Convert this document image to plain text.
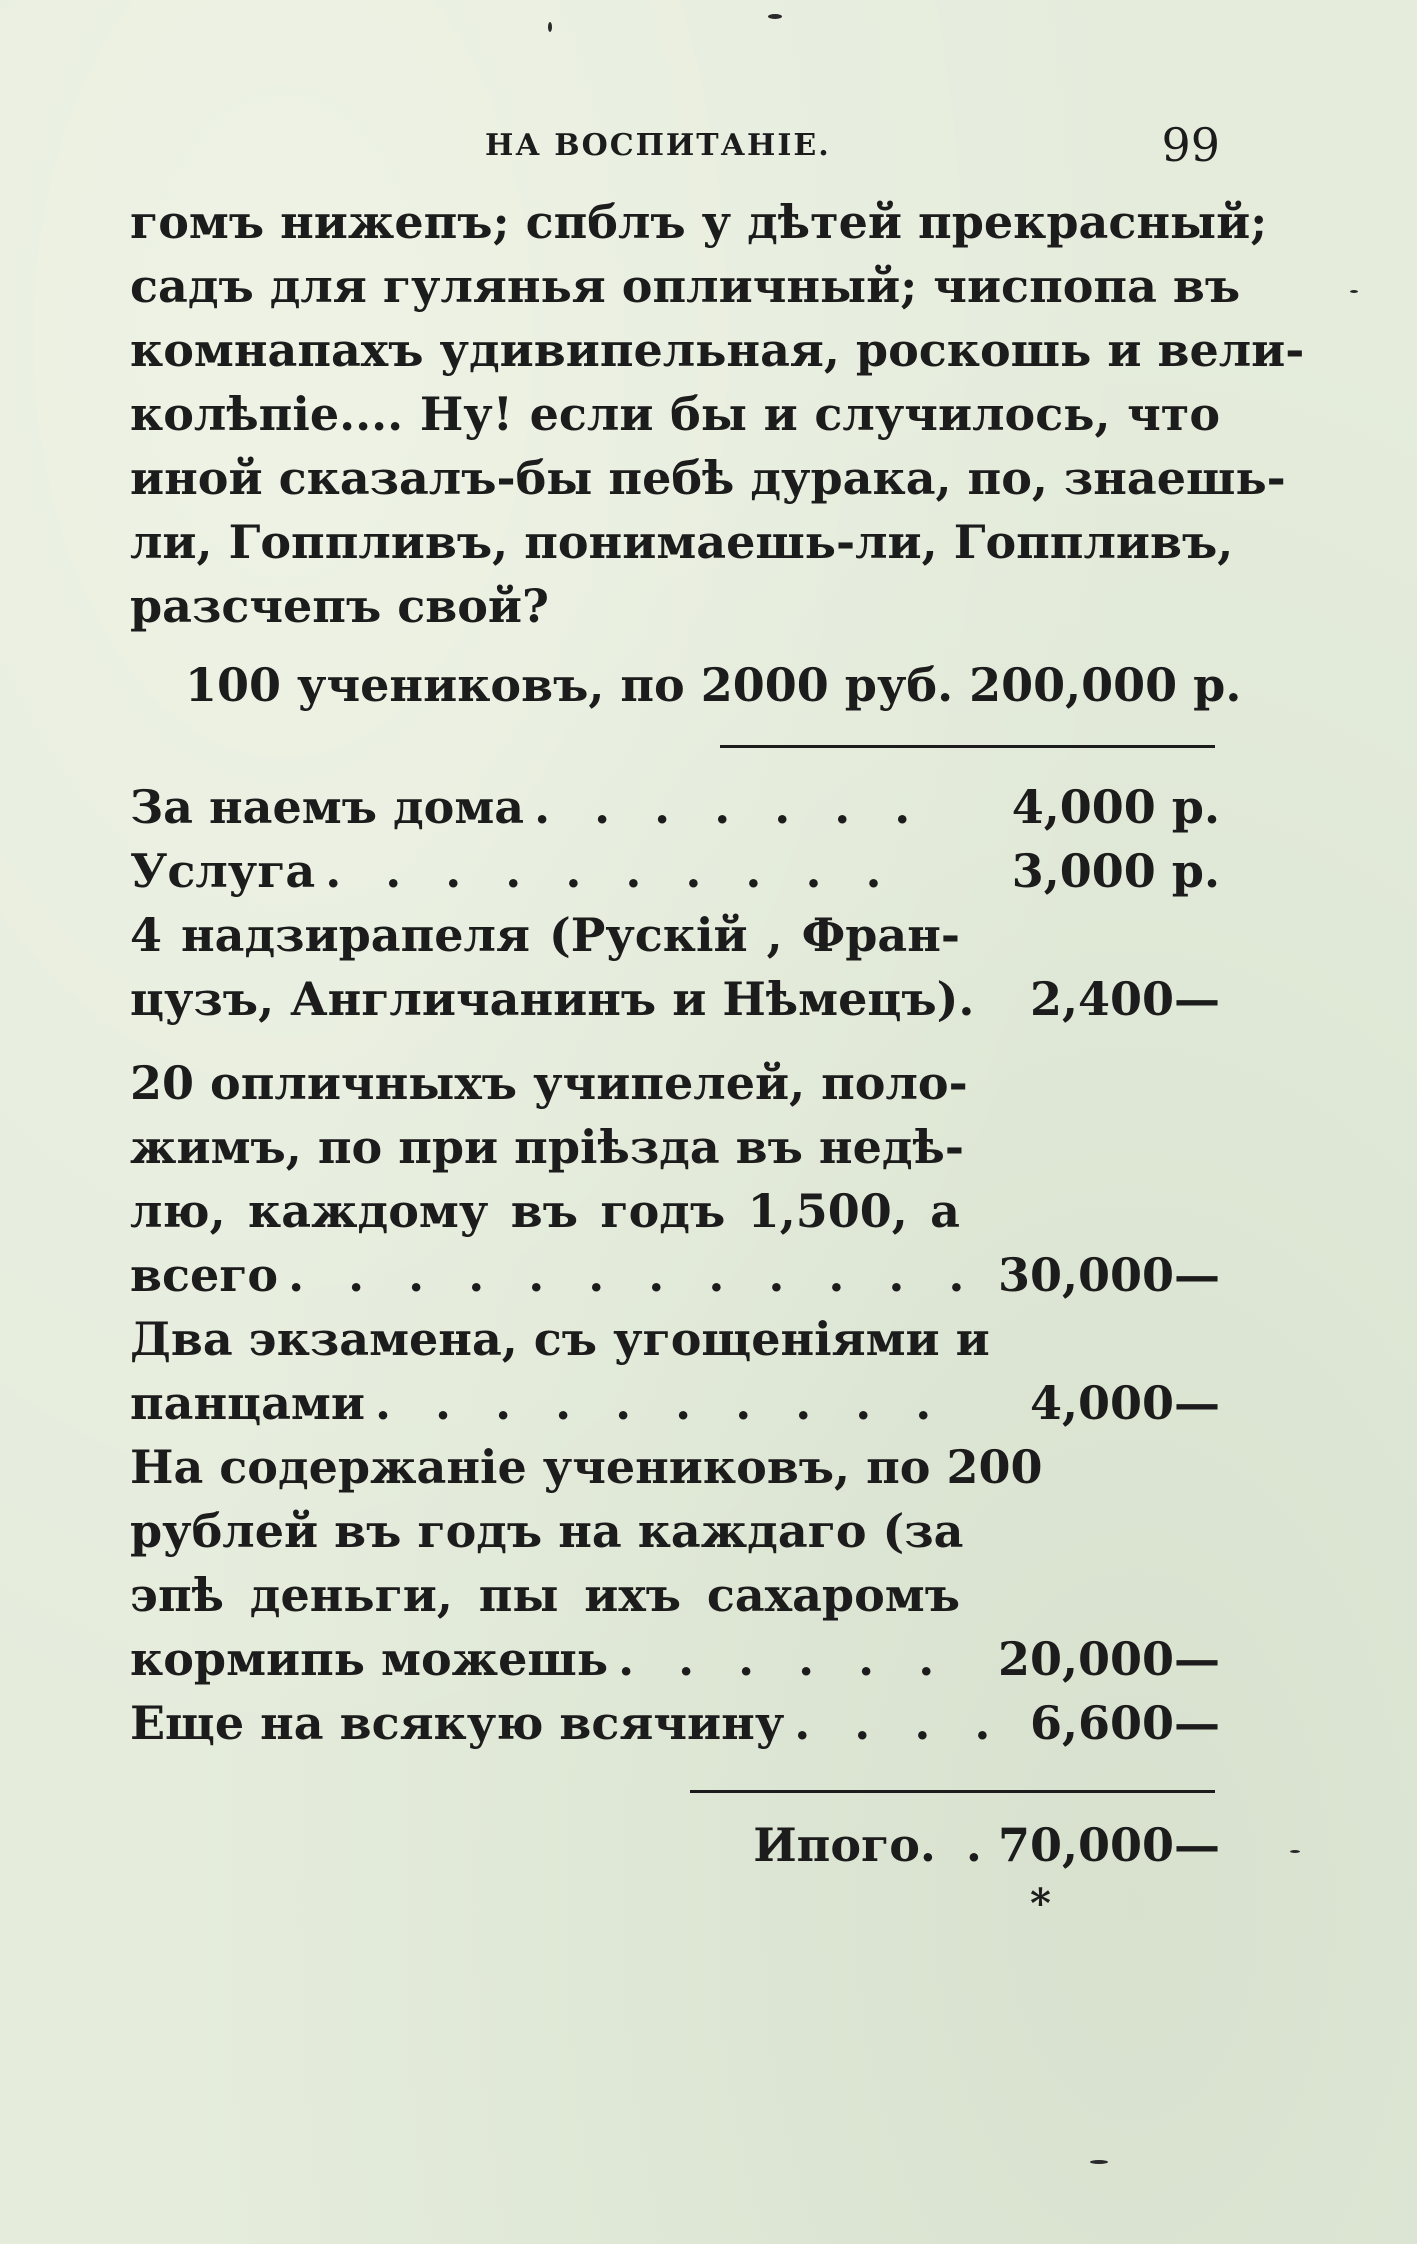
НА ВОСПИТАНІЕ.	99
гомъ нижепъ; спблъ у дѣтей прекрасный;
садъ для гулянья опличный; чиспопа въ
комнапахъ удивипельная, роскошь и вели-
колѣпіе.... Ну! если бы и случилось, что
иной сказалъ-бы пебѣ дурака, по, знаешь-
ли, Гоппливъ, понимаешь-ли, Гоппливъ,
разсчепъ свой?
100 учениковъ, по 2000 руб. 200,000 р.
За наемъ дома . . . . . . .	4,000 р.
Услуга . . . . . . . . . .	3,000 р.
4 надзирапеля (Рускій , Фран-
цузъ, Англичанинъ и Нѣмецъ).	2,400—
20 опличныхъ учипелей, поло-
жимъ, по при пріѣзда въ недѣ-
лю, каждому въ годъ 1,500, а
всего . . . . . . . . . . . . 30,000—
Два экзамена, съ угощеніями и
панцами . . . . . . . . . .	4,000—
На содержаніе учениковъ, по 200
рублей въ годъ на каждаго (за
эпѣ деньги, пы ихъ сахаромъ
кормипь можешь . . . . . .	20,000—
Еще на всякую всячину . . . . 6,600—
Ипого. . 70,000—
*
